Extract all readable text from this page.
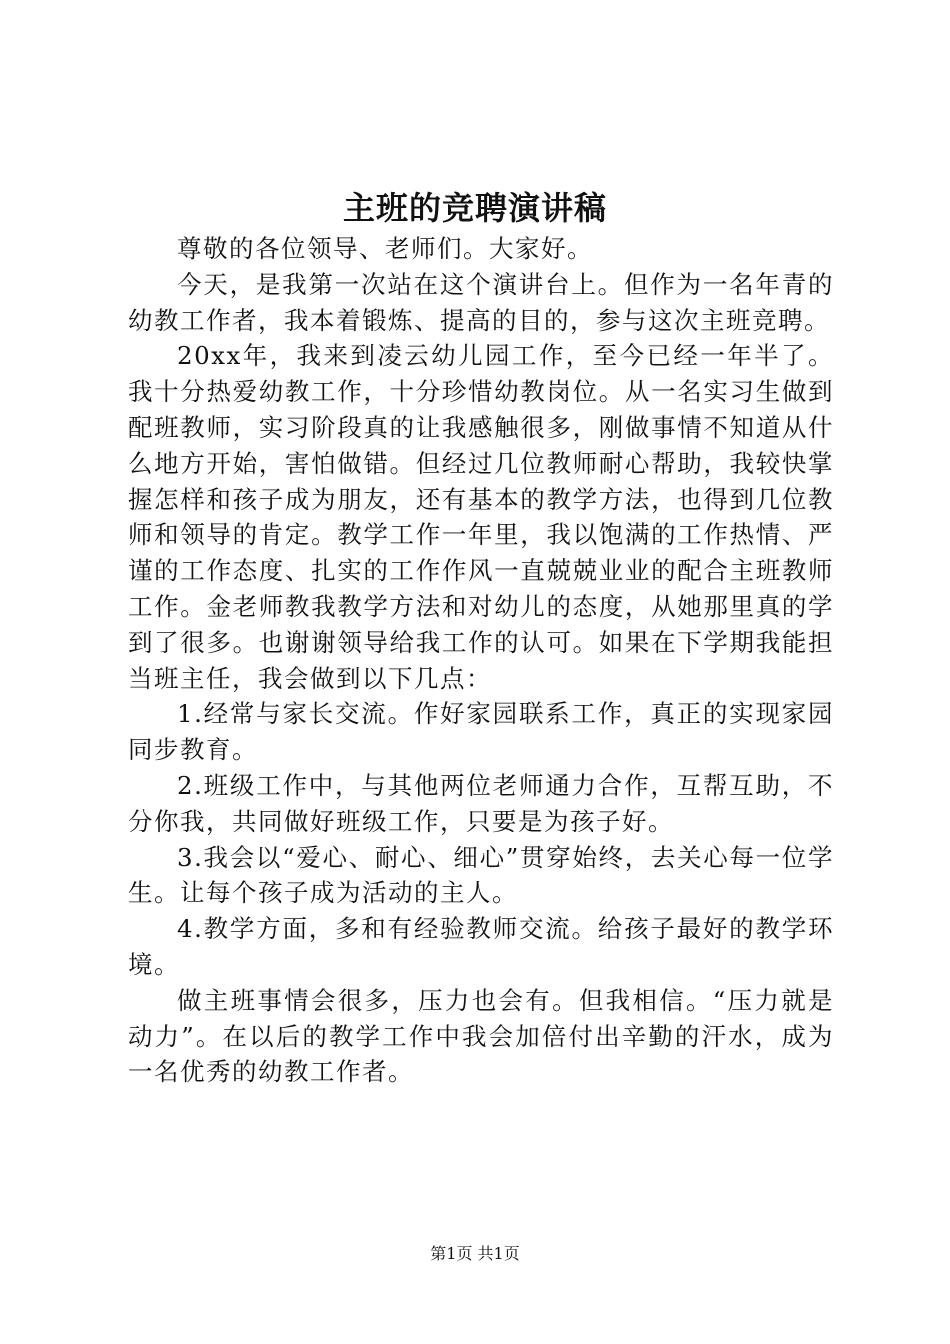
主班的竞聘演讲稿

尊敬的各位领导、老师们。大家好。

今天，是我第一次站在这个演讲台上。但作为一名年青的幼教工作者，我本着锻炼、提高的目的，参与这次主班竞聘。

20xx年，我来到凌云幼儿园工作，至今已经一年半了。我十分热爱幼教工作，十分珍惜幼教岗位。从一名实习生做到配班教师，实习阶段真的让我感触很多，刚做事情不知道从什么地方开始，害怕做错。但经过几位教师耐心帮助，我较快掌握怎样和孩子成为朋友，还有基本的教学方法，也得到几位教师和领导的肯定。教学工作一年里，我以饱满的工作热情、严谨的工作态度、扎实的工作作风一直兢兢业业的配合主班教师工作。金老师教我教学方法和对幼儿的态度，从她那里真的学到了很多。也谢谢领导给我工作的认可。如果在下学期我能担当班主任，我会做到以下几点：

1.经常与家长交流。作好家园联系工作，真正的实现家园同步教育。

2.班级工作中，与其他两位老师通力合作，互帮互助，不分你我，共同做好班级工作，只要是为孩子好。

3.我会以“爱心、耐心、细心”贯穿始终，去关心每一位学生。让每个孩子成为活动的主人。

4.教学方面，多和有经验教师交流。给孩子最好的教学环境。

做主班事情会很多，压力也会有。但我相信。“压力就是动力”。在以后的教学工作中我会加倍付出辛勤的汗水，成为一名优秀的幼教工作者。

第1页 共1页
